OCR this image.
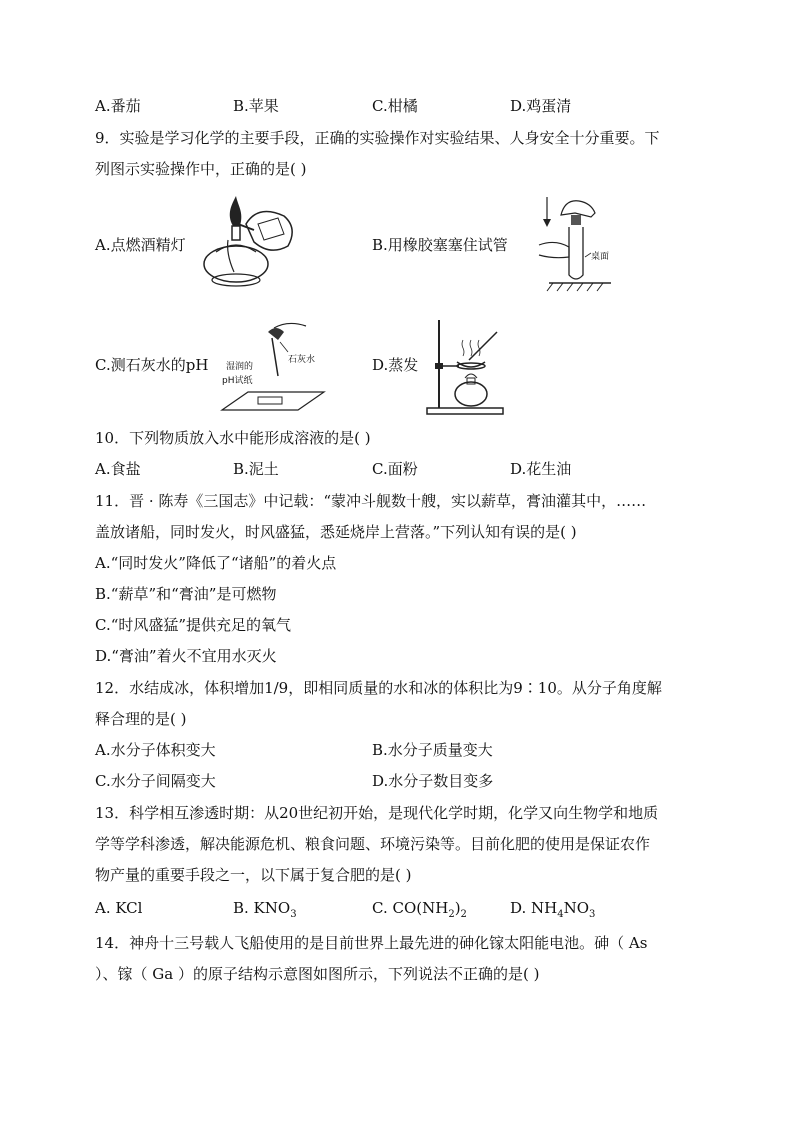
A.番茄	B.苹果	C.柑橘	D.鸡蛋清
9．实验是学习化学的主要手段，正确的实验操作对实验结果、人身安全十分重要。下
列图示实验操作中，正确的是( )
A.点燃酒精灯	B.用橡胶塞塞住试管
桌面
C.测石灰水的pH 湿润的
pH试纸
石灰水	D.蒸发
10．下列物质放入水中能形成溶液的是( )
A.食盐	B.泥土	C.面粉	D.花生油
11．晋 · 陈寿《三国志》中记载：“蒙冲斗舰数十艘，实以薪草，膏油灌其中，……
盖放诸船，同时发火，时风盛猛，悉延烧岸上营落。”下列认知有误的是( )
A.“同时发火”降低了“诸船”的着火点
B.“薪草”和“膏油”是可燃物
C.“时风盛猛”提供充足的氧气
D.“膏油”着火不宜用水灭火
12．水结成冰，体积增加1/9，即相同质量的水和冰的体积比为9∶10。从分子角度解
释合理的是( )
A.水分子体积变大	B.水分子质量变大
C.水分子间隔变大	D.水分子数目变多
13．科学相互渗透时期：从20世纪初开始，是现代化学时期，化学又向生物学和地质
学等学科渗透，解决能源危机、粮食问题、环境污染等。目前化肥的使用是保证农作
物产量的重要手段之一，以下属于复合肥的是( )
A. KCl	B. $KNO_3$	C. $CO(NH_2)_2$	D. $NH_4NO_3$
14．神舟十三号载人飞船使用的是目前世界上最先进的砷化镓太阳能电池。砷（ As
）、镓（ Ga ）的原子结构示意图如图所示，下列说法不正确的是( )
